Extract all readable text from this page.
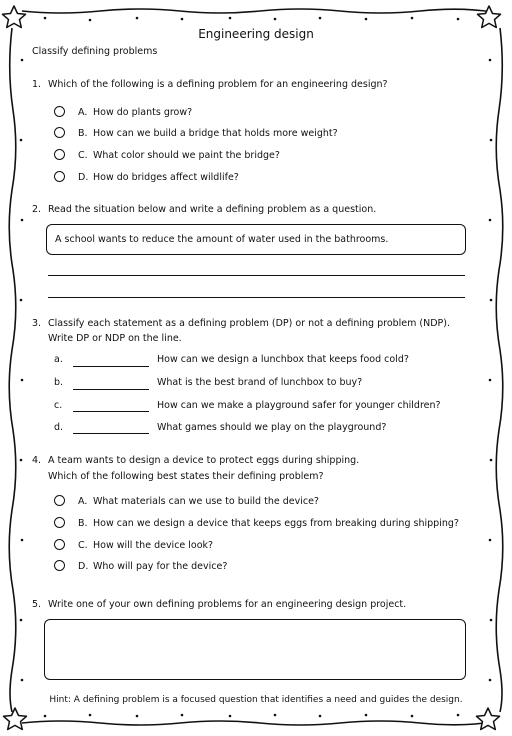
Engineering design
Classify defining problems
1. Which of the following is a defining problem for an engineering design?
A. How do plants grow?
B. How can we build a bridge that holds more weight?
C. What color should we paint the bridge?
D. How do bridges affect wildlife?
2. Read the situation below and write a defining problem as a question.
A school wants to reduce the amount of water used in the bathrooms.
3. Classify each statement as a defining problem (DP) or not a defining problem (NDP).
Write DP or NDP on the line.
a.	How can we design a lunchbox that keeps food cold?
b.	What is the best brand of lunchbox to buy?
c.	How can we make a playground safer for younger children?
d.	What games should we play on the playground?
4. A team wants to design a device to protect eggs during shipping.
Which of the following best states their defining problem?
A. What materials can we use to build the device?
B. How can we design a device that keeps eggs from breaking during shipping?
C. How will the device look?
D. Who will pay for the device?
5. Write one of your own defining problems for an engineering design project.
Hint: A defining problem is a focused question that identifies a need and guides the design.
